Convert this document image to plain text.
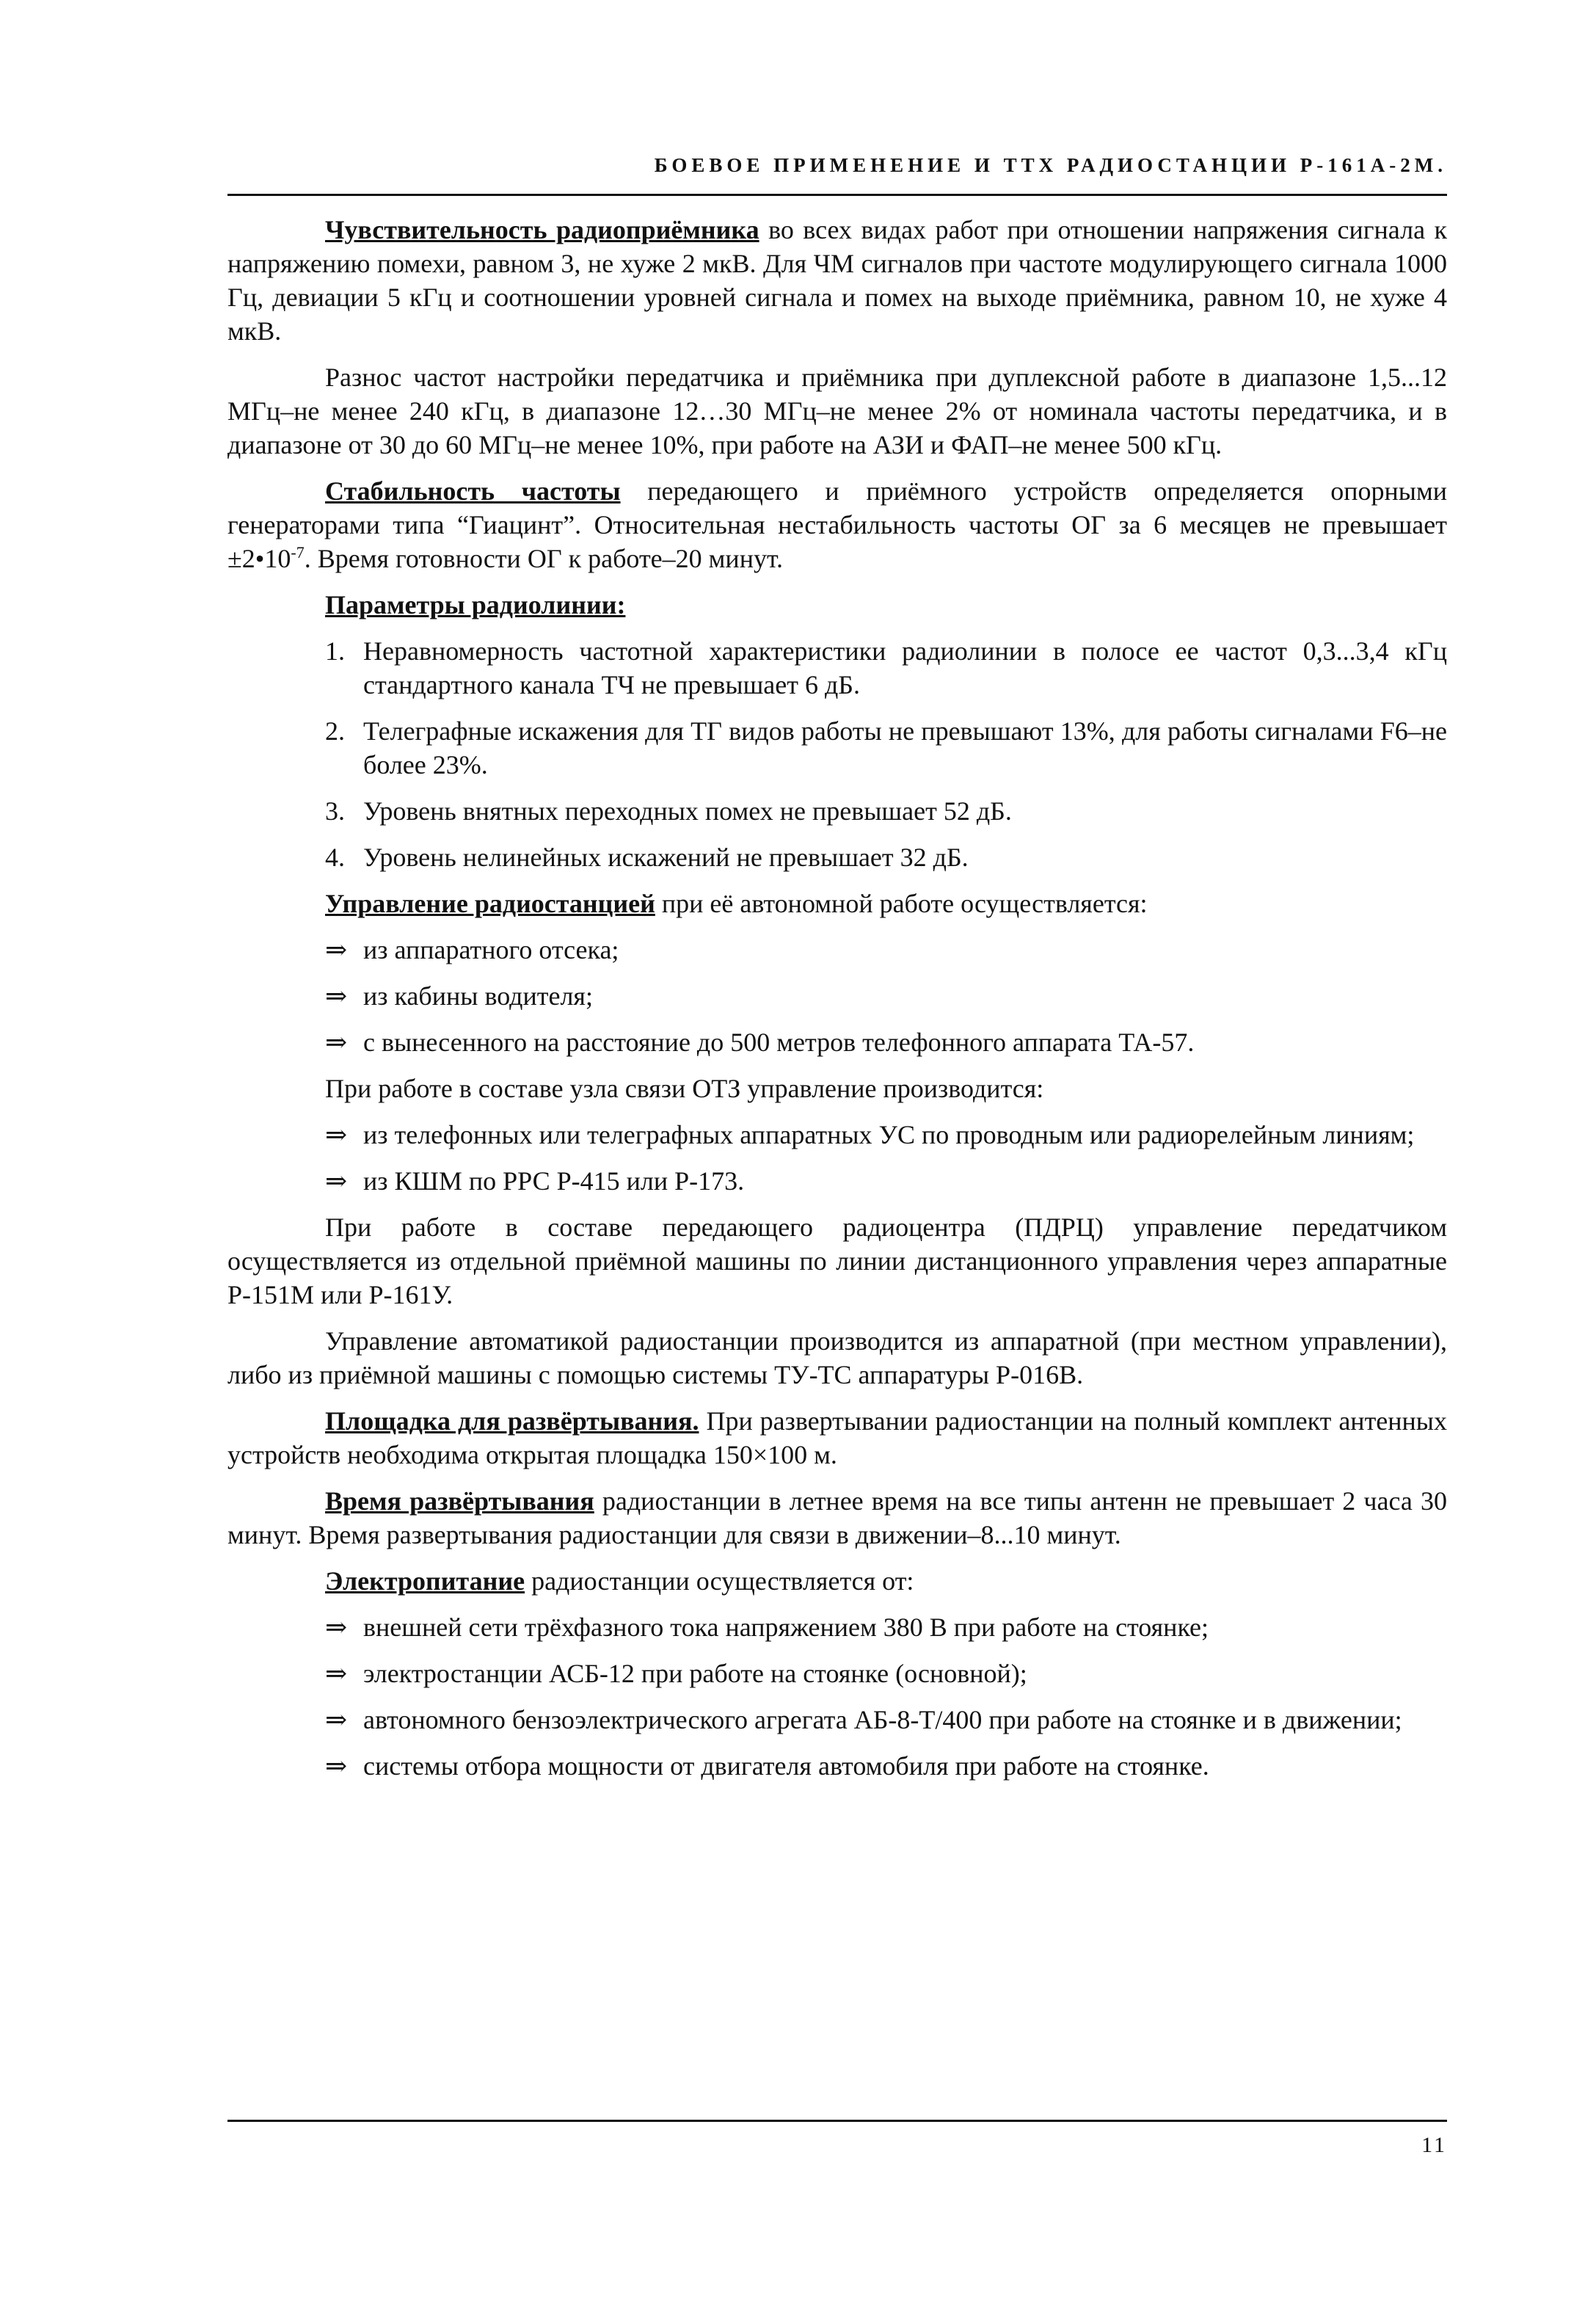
БОЕВОЕ ПРИМЕНЕНИЕ И ТТХ РАДИОСТАНЦИИ Р-161А-2М.

Чувствительность радиоприёмника во всех видах работ при отношении напряжения сигнала к напряжению помехи, равном 3, не хуже 2 мкВ. Для ЧМ сигналов при частоте модулирующего сигнала 1000 Гц, девиации 5 кГц и соотношении уровней сигнала и помех на выходе приёмника, равном 10, не хуже 4 мкВ.

Разнос частот настройки передатчика и приёмника при дуплексной работе в диапазоне 1,5...12 МГц–не менее 240 кГц, в диапазоне 12…30 МГц–не менее 2% от номинала частоты передатчика, и в диапазоне от 30 до 60 МГц–не менее 10%, при работе на АЗИ и ФАП–не менее 500 кГц.

Стабильность частоты передающего и приёмного устройств определяется опорными генераторами типа “Гиацинт”. Относительная нестабильность частоты ОГ за 6 месяцев не превышает $\pm 2•10^{-7}$. Время готовности ОГ к работе–20 минут.

Параметры радиолинии:

1. Неравномерность частотной характеристики радиолинии в полосе ее частот 0,3...3,4 кГц стандартного канала ТЧ не превышает 6 дБ.

2. Телеграфные искажения для ТГ видов работы не превышают 13%, для работы сигналами F6–не более 23%.

3. Уровень внятных переходных помех не превышает 52 дБ.

4. Уровень нелинейных искажений не превышает 32 дБ.

Управление радиостанцией при её автономной работе осуществляется:

⇒ из аппаратного отсека;

⇒ из кабины водителя;

⇒ с вынесенного на расстояние до 500 метров телефонного аппарата ТА-57.

При работе в составе узла связи ОТЗ управление производится:

⇒ из телефонных или телеграфных аппаратных УС по проводным или радиорелейным линиям;

⇒ из КШМ по РРС Р-415 или Р-173.

При работе в составе передающего радиоцентра (ПДРЦ) управление передатчиком осуществляется из отдельной приёмной машины по линии дистанционного управления через аппаратные Р-151М или Р-161У.

Управление автоматикой радиостанции производится из аппаратной (при местном управлении), либо из приёмной машины с помощью системы ТУ-ТС аппаратуры Р-016В.

Площадка для развёртывания. При развертывании радиостанции на полный комплект антенных устройств необходима открытая площадка 150×100 м.

Время развёртывания радиостанции в летнее время на все типы антенн не превышает 2 часа 30 минут. Время развертывания радиостанции для связи в движении–8...10 минут.

Электропитание радиостанции осуществляется от:

⇒ внешней сети трёхфазного тока напряжением 380 В при работе на стоянке;

⇒ электростанции АСБ-12 при работе на стоянке (основной);

⇒ автономного бензоэлектрического агрегата АБ-8-Т/400 при работе на стоянке и в движении;

⇒ системы отбора мощности от двигателя автомобиля при работе на стоянке.

11
